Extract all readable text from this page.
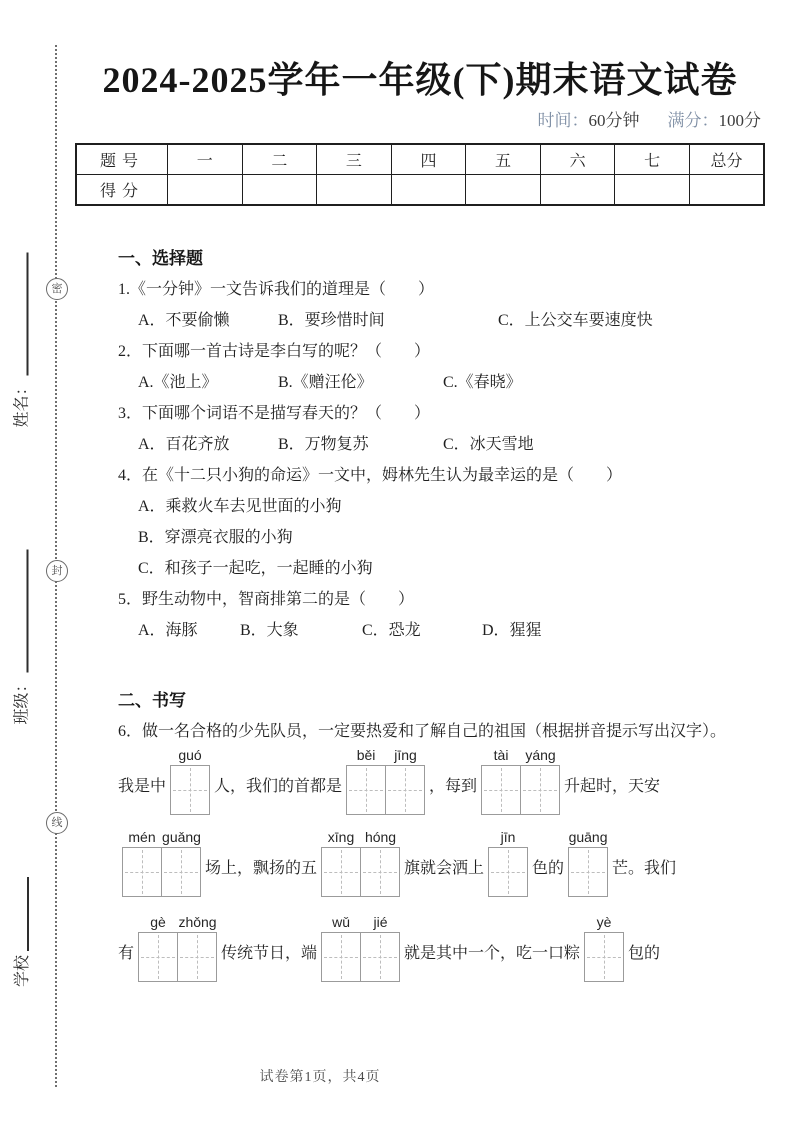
密
封
线
姓名：
班级：
学校
2024-2025学年一年级(下)期末语文试卷
时间：60分钟 满分：100分
题号	一	二	三	四	五	六	七	总分
得分								
一、选择题
1.《一分钟》一文告诉我们的道理是（　　）
A．不要偷懒	B．要珍惜时间	C．上公交车要速度快
2．下面哪一首古诗是李白写的呢？（　　）
A.《池上》	B.《赠汪伦》	C.《春晓》
3．下面哪个词语不是描写春天的？（　　）
A．百花齐放	B．万物复苏	C．冰天雪地
4．在《十二只小狗的命运》一文中，姆林先生认为最幸运的是（　　）
A．乘救火车去见世面的小狗
B．穿漂亮衣服的小狗
C．和孩子一起吃，一起睡的小狗
5．野生动物中，智商排第二的是（　　）
A．海豚	B．大象	C．恐龙	D．猩猩
二、书写
6．做一名合格的少先队员，一定要热爱和了解自己的祖国（根据拼音提示写出汉字）。
我是中
guó
人，我们的首都是
běi jīng
，每到
tài yáng
升起时，天安
mén guǎng
场上，飘扬的五
xīng hóng
旗就会洒上
jīn
色的
guāng
芒。我们
有
gè zhǒng
传统节日，端
wǔ jié
就是其中一个，吃一口粽
yè
包的
试卷第1页，共4页
